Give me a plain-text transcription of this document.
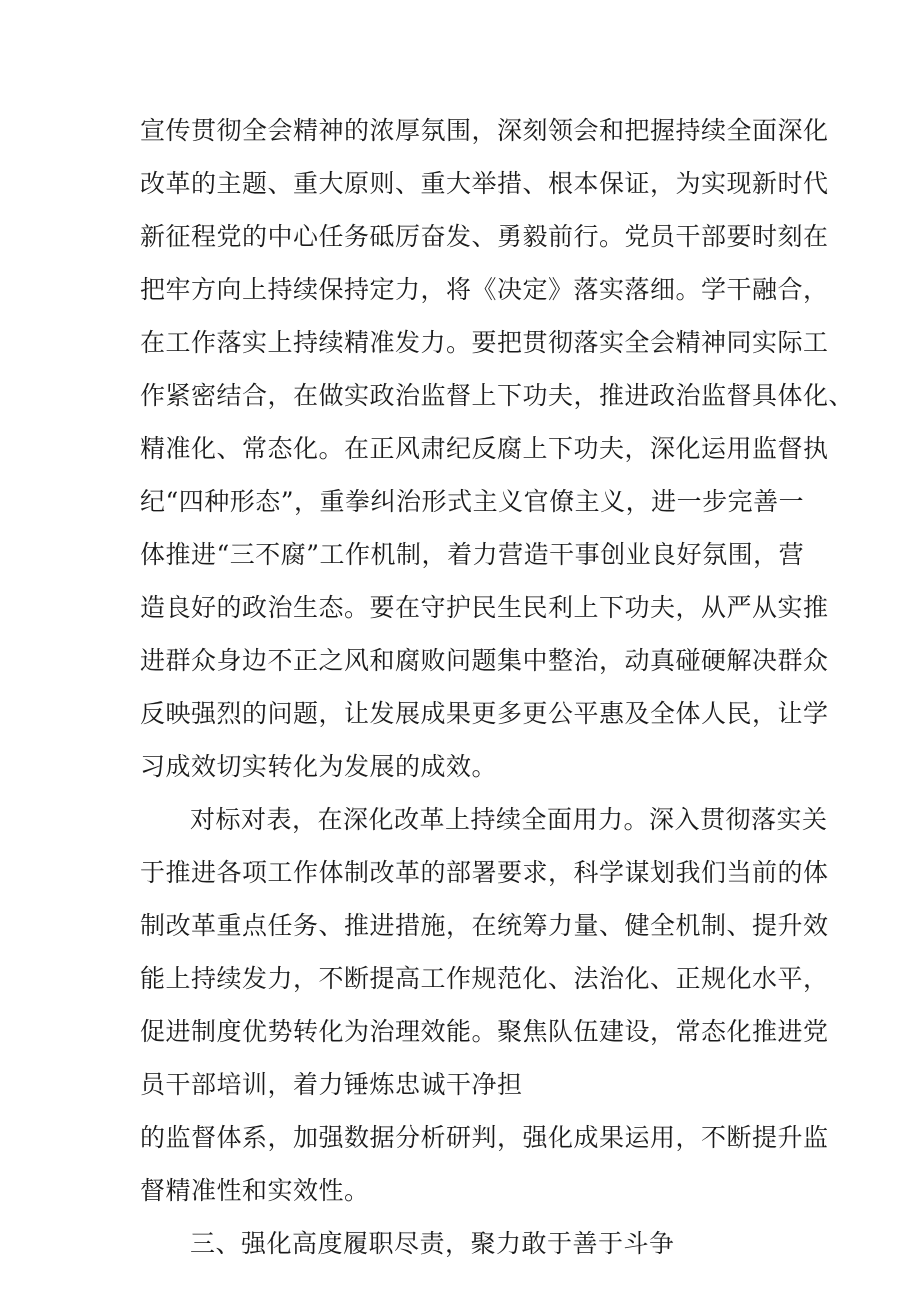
宣传贯彻全会精神的浓厚氛围，深刻领会和把握持续全面深化
改革的主题、重大原则、重大举措、根本保证，为实现新时代
新征程党的中心任务砥厉奋发、勇毅前行。党员干部要时刻在
把牢方向上持续保持定力，将《决定》落实落细。学干融合，
在工作落实上持续精准发力。要把贯彻落实全会精神同实际工
作紧密结合，在做实政治监督上下功夫，推进政治监督具体化、
精准化、常态化。在正风肃纪反腐上下功夫，深化运用监督执
纪“四种形态”，重拳纠治形式主义官僚主义，进一步完善一
体推进“三不腐”工作机制，着力营造干事创业良好氛围，营
造良好的政治生态。要在守护民生民利上下功夫，从严从实推
进群众身边不正之风和腐败问题集中整治，动真碰硬解决群众
反映强烈的问题，让发展成果更多更公平惠及全体人民，让学
习成效切实转化为发展的成效。
对标对表，在深化改革上持续全面用力。深入贯彻落实关
于推进各项工作体制改革的部署要求，科学谋划我们当前的体
制改革重点任务、推进措施，在统筹力量、健全机制、提升效
能上持续发力，不断提高工作规范化、法治化、正规化水平，
促进制度优势转化为治理效能。聚焦队伍建设，常态化推进党
员干部培训，着力锤炼忠诚干净担
的监督体系，加强数据分析研判，强化成果运用，不断提升监
督精准性和实效性。
三、强化高度履职尽责，聚力敢于善于斗争
